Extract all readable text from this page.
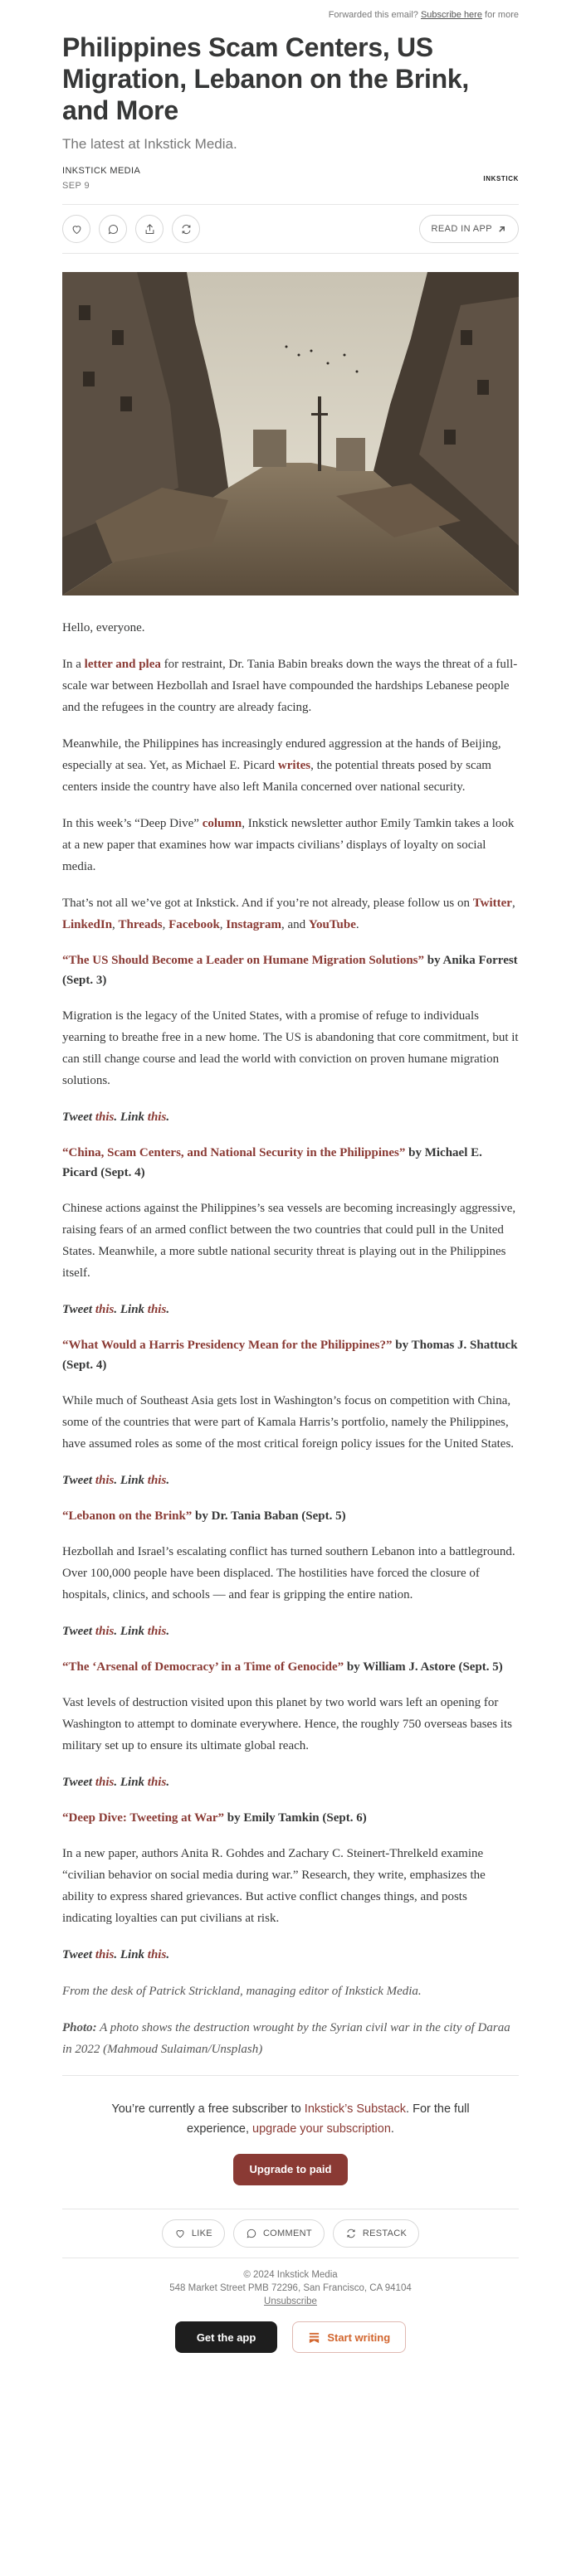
Forwarded this email? Subscribe here for more
Philippines Scam Centers, US Migration, Lebanon on the Brink, and More
The latest at Inkstick Media.
INKSTICK MEDIA
SEP 9
INKSTICK
READ IN APP

Hello, everyone.

In a letter and plea for restraint, Dr. Tania Babin breaks down the ways the threat of a full-scale war between Hezbollah and Israel have compounded the hardships Lebanese people and the refugees in the country are already facing.

Meanwhile, the Philippines has increasingly endured aggression at the hands of Beijing, especially at sea. Yet, as Michael E. Picard writes, the potential threats posed by scam centers inside the country have also left Manila concerned over national security.

In this week’s “Deep Dive” column, Inkstick newsletter author Emily Tamkin takes a look at a new paper that examines how war impacts civilians’ displays of loyalty on social media.

That’s not all we’ve got at Inkstick. And if you’re not already, please follow us on Twitter, LinkedIn, Threads, Facebook, Instagram, and YouTube.

“The US Should Become a Leader on Humane Migration Solutions” by Anika Forrest (Sept. 3)

Migration is the legacy of the United States, with a promise of refuge to individuals yearning to breathe free in a new home. The US is abandoning that core commitment, but it can still change course and lead the world with conviction on proven humane migration solutions.

Tweet this. Link this.

“China, Scam Centers, and National Security in the Philippines” by Michael E. Picard (Sept. 4)

Chinese actions against the Philippines’s sea vessels are becoming increasingly aggressive, raising fears of an armed conflict between the two countries that could pull in the United States. Meanwhile, a more subtle national security threat is playing out in the Philippines itself.

Tweet this. Link this.

“What Would a Harris Presidency Mean for the Philippines?” by Thomas J. Shattuck (Sept. 4)

While much of Southeast Asia gets lost in Washington’s focus on competition with China, some of the countries that were part of Kamala Harris’s portfolio, namely the Philippines, have assumed roles as some of the most critical foreign policy issues for the United States.

Tweet this. Link this.

“Lebanon on the Brink” by Dr. Tania Baban (Sept. 5)

Hezbollah and Israel’s escalating conflict has turned southern Lebanon into a battleground. Over 100,000 people have been displaced. The hostilities have forced the closure of hospitals, clinics, and schools — and fear is gripping the entire nation.

Tweet this. Link this.

“The ‘Arsenal of Democracy’ in a Time of Genocide” by William J. Astore (Sept. 5)

Vast levels of destruction visited upon this planet by two world wars left an opening for Washington to attempt to dominate everywhere. Hence, the roughly 750 overseas bases its military set up to ensure its ultimate global reach.

Tweet this. Link this.

“Deep Dive: Tweeting at War” by Emily Tamkin (Sept. 6)

In a new paper, authors Anita R. Gohdes and Zachary C. Steinert-Threlkeld examine “civilian behavior on social media during war.” Research, they write, emphasizes the ability to express shared grievances. But active conflict changes things, and posts indicating loyalties can put civilians at risk.

Tweet this. Link this.

From the desk of Patrick Strickland, managing editor of Inkstick Media.

Photo: A photo shows the destruction wrought by the Syrian civil war in the city of Daraa in 2022 (Mahmoud Sulaiman/Unsplash)

You’re currently a free subscriber to Inkstick’s Substack. For the full experience, upgrade your subscription.
Upgrade to paid
LIKE	COMMENT	RESTACK
© 2024 Inkstick Media
548 Market Street PMB 72296, San Francisco, CA 94104
Unsubscribe
Get the app	Start writing
